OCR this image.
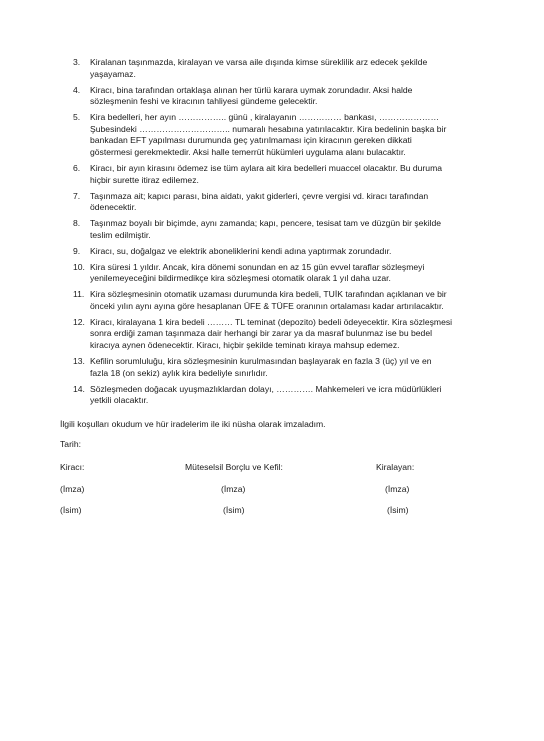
3. Kiralanan taşınmazda, kiralayan ve varsa aile dışında kimse süreklilik arz edecek şekilde
yaşayamaz.
4. Kiracı, bina tarafından ortaklaşa alınan her türlü karara uymak zorundadır. Aksi halde
sözleşmenin feshi ve kiracının tahliyesi gündeme gelecektir.
5. Kira bedelleri, her ayın …………….. günü , kiralayanın …………… bankası, …………………
Şubesindeki ………………………….. numaralı hesabına yatırılacaktır. Kira bedelinin başka bir
bankadan EFT yapılması durumunda geç yatırılmaması için kiracının gereken dikkati
göstermesi gerekmektedir. Aksi halle temerrüt hükümleri uygulama alanı bulacaktır.
6. Kiracı, bir ayın kirasını ödemez ise tüm aylara ait kira bedelleri muaccel olacaktır. Bu duruma
hiçbir surette itiraz edilemez.
7. Taşınmaza ait; kapıcı parası, bina aidatı, yakıt giderleri, çevre vergisi vd. kiracı tarafından
ödenecektir.
8. Taşınmaz boyalı bir biçimde, aynı zamanda; kapı, pencere, tesisat tam ve düzgün bir şekilde
teslim edilmiştir.
9. Kiracı, su, doğalgaz ve elektrik aboneliklerini kendi adına yaptırmak zorundadır.
10. Kira süresi 1 yıldır. Ancak, kira dönemi sonundan en az 15 gün evvel taraflar sözleşmeyi
yenilemeyeceğini bildirmedikçe kira sözleşmesi otomatik olarak 1 yıl daha uzar.
11. Kira sözleşmesinin otomatik uzaması durumunda kira bedeli, TUİK tarafından açıklanan ve bir
önceki yılın aynı ayına göre hesaplanan ÜFE & TÜFE oranının ortalaması kadar artırılacaktır.
12. Kiracı, kiralayana 1 kira bedeli ……… TL teminat (depozito) bedeli ödeyecektir. Kira sözleşmesi
sonra erdiği zaman taşınmaza dair herhangi bir zarar ya da masraf bulunmaz ise bu bedel
kiracıya aynen ödenecektir. Kiracı, hiçbir şekilde teminatı kiraya mahsup edemez.
13. Kefilin sorumluluğu, kira sözleşmesinin kurulmasından başlayarak en fazla 3 (üç) yıl ve en
fazla 18 (on sekiz) aylık kira bedeliyle sınırlıdır.
14. Sözleşmeden doğacak uyuşmazlıklardan dolayı, …………. Mahkemeleri ve icra müdürlükleri
yetkili olacaktır.
İlgili koşulları okudum ve hür iradelerim ile iki nüsha olarak imzaladım.
Tarih:
Kiracı:	Müteselsil Borçlu ve Kefil:	Kiralayan:
(İmza)	(İmza)	(İmza)
(İsim)	(İsim)	(İsim)
